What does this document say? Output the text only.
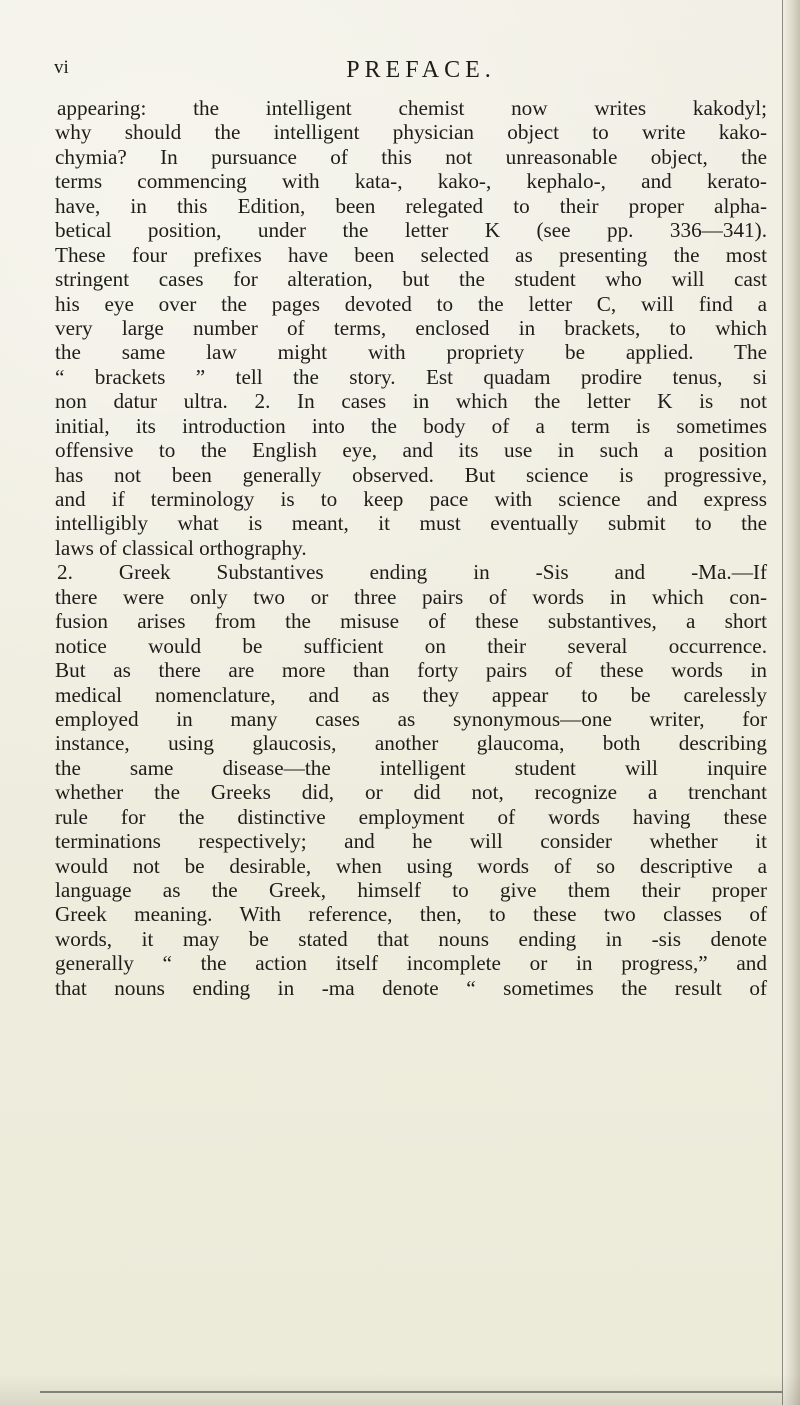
vi	PREFACE.
appearing: the intelligent chemist now writes kakodyl;
why should the intelligent physician object to write kako-
chymia? In pursuance of this not unreasonable object, the
terms commencing with kata-, kako-, kephalo-, and kerato-
have, in this Edition, been relegated to their proper alpha-
betical position, under the letter K (see pp. 336—341).
These four prefixes have been selected as presenting the most
stringent cases for alteration, but the student who will cast
his eye over the pages devoted to the letter C, will find a
very large number of terms, enclosed in brackets, to which
the same law might with propriety be applied. The
“ brackets ” tell the story. Est quadam prodire tenus, si
non datur ultra. 2. In cases in which the letter K is not
initial, its introduction into the body of a term is sometimes
offensive to the English eye, and its use in such a position
has not been generally observed. But science is progressive,
and if terminology is to keep pace with science and express
intelligibly what is meant, it must eventually submit to the
laws of classical orthography.
2. Greek Substantives ending in -Sis and -Ma.—If
there were only two or three pairs of words in which con-
fusion arises from the misuse of these substantives, a short
notice would be sufficient on their several occurrence.
But as there are more than forty pairs of these words in
medical nomenclature, and as they appear to be carelessly
employed in many cases as synonymous—one writer, for
instance, using glaucosis, another glaucoma, both describing
the same disease—the intelligent student will inquire
whether the Greeks did, or did not, recognize a trenchant
rule for the distinctive employment of words having these
terminations respectively; and he will consider whether it
would not be desirable, when using words of so descriptive a
language as the Greek, himself to give them their proper
Greek meaning. With reference, then, to these two classes of
words, it may be stated that nouns ending in -sis denote
generally “ the action itself incomplete or in progress,” and
that nouns ending in -ma denote “ sometimes the result of
